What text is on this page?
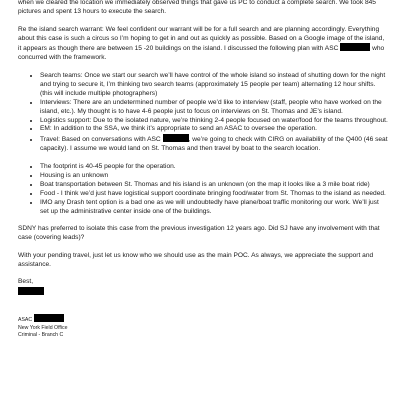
when we cleared the location we immediately observed things that gave us PC to conduct a complete search. We took 845 pictures and spent 13 hours to execute the search.

Re the island search warrant: We feel confident our warrant will be for a full search and are planning accordingly. Everything about this case is such a circus so I’m hoping to get in and out as quickly as possible. Based on a Google image of the island, it appears as though there are between 15 -20 buildings on the island. I discussed the following plan with ASC	who concurred with the framework.

• Search teams: Once we start our search we’ll have control of the whole island so instead of shutting down for the night and trying to secure it, I’m thinking two search teams (approximately 15 people per team) alternating 12 hour shifts. (this will include multiple photographers)
• Interviews: There are an undetermined number of people we’d like to interview (staff, people who have worked on the island, etc.). My thought is to have 4-6 people just to focus on interviews on St. Thomas and JE’s island.
• Logistics support: Due to the isolated nature, we’re thinking 2-4 people focused on water/food for the teams throughout.
• EM: In addition to the SSA, we think it’s appropriate to send an ASAC to oversee the operation.
• Travel: Based on conversations with ASC	, we’re going to check with CIRG on availability of the Q400 (46 seat capacity). I assume we would land on St. Thomas and then travel by boat to the search location.
• The footprint is 40-45 people for the operation.
• Housing is an unknown
• Boat transportation between St. Thomas and his island is an unknown (on the map it looks like a 3 mile boat ride)
• Food - I think we’d just have logistical support coordinate bringing food/water from St. Thomas to the island as needed.
• IMO any Drash tent option is a bad one as we will undoubtedly have plane/boat traffic monitoring our work. We’ll just set up the administrative center inside one of the buildings.

SDNY has preferred to isolate this case from the previous investigation 12 years ago. Did SJ have any involvement with that case (covering leads)?

With your pending travel, just let us know who we should use as the main POC. As always, we appreciate the support and assistance.

Best,

ASAC

New York Field Office

Criminal - Branch C
